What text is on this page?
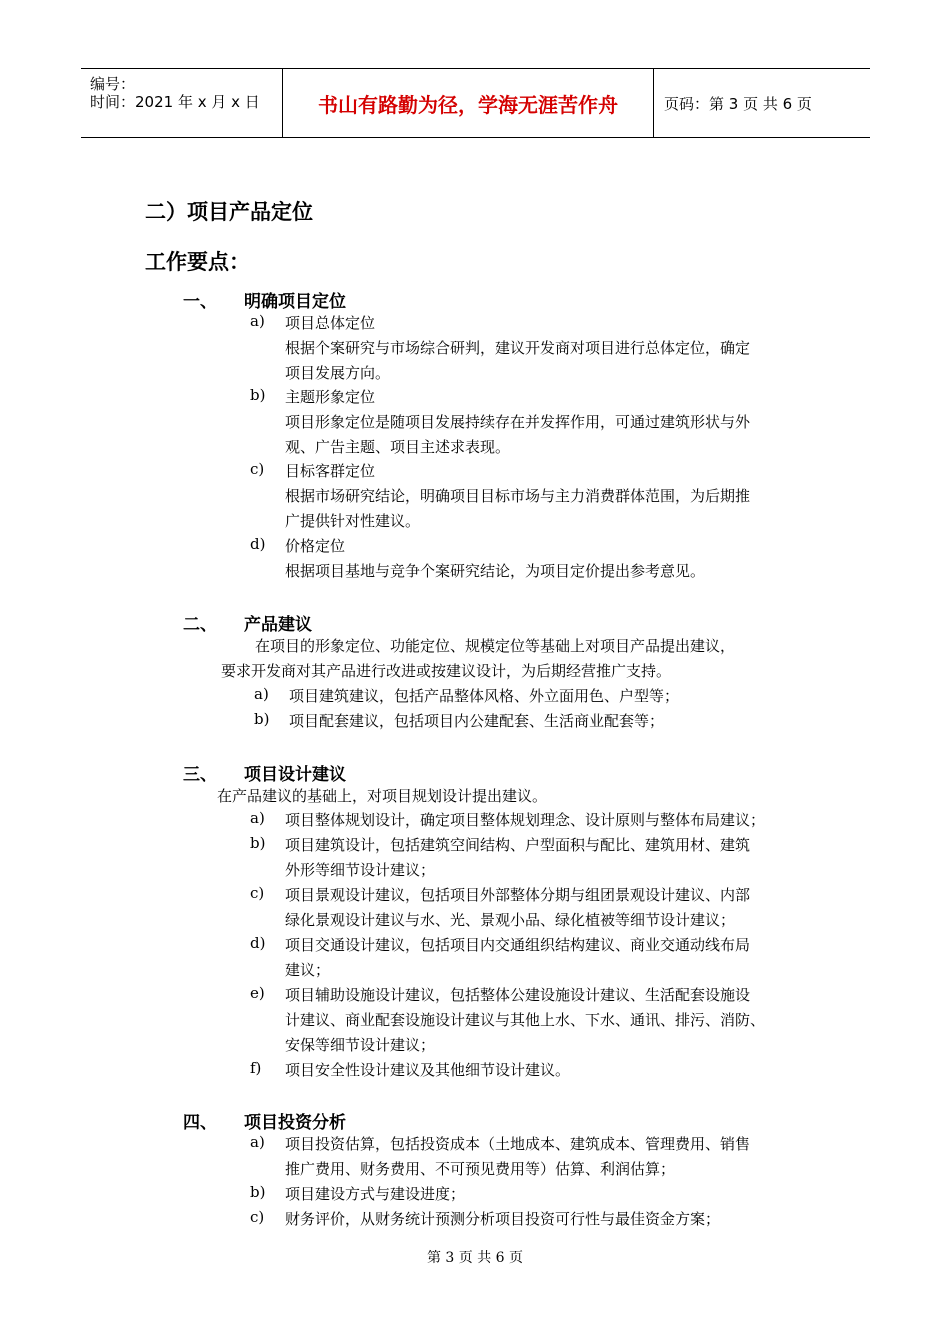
编号：
时间：2021 年 x 月 x 日	书山有路勤为径，学海无涯苦作舟	页码：第 3 页 共 6 页
二）项目产品定位
工作要点：
一、 明确项目定位
a) 项目总体定位
根据个案研究与市场综合研判，建议开发商对项目进行总体定位，确定
项目发展方向。
b) 主题形象定位
项目形象定位是随项目发展持续存在并发挥作用，可通过建筑形状与外
观、广告主题、项目主述求表现。
c) 目标客群定位
根据市场研究结论，明确项目目标市场与主力消费群体范围，为后期推
广提供针对性建议。
d) 价格定位
根据项目基地与竞争个案研究结论，为项目定价提出参考意见。
二、 产品建议
在项目的形象定位、功能定位、规模定位等基础上对项目产品提出建议，
要求开发商对其产品进行改进或按建议设计，为后期经营推广支持。
a) 项目建筑建议，包括产品整体风格、外立面用色、户型等；
b) 项目配套建议，包括项目内公建配套、生活商业配套等；
三、 项目设计建议
在产品建议的基础上，对项目规划设计提出建议。
a) 项目整体规划设计，确定项目整体规划理念、设计原则与整体布局建议；
b) 项目建筑设计，包括建筑空间结构、户型面积与配比、建筑用材、建筑
外形等细节设计建议；
c) 项目景观设计建议，包括项目外部整体分期与组团景观设计建议、内部
绿化景观设计建议与水、光、景观小品、绿化植被等细节设计建议；
d) 项目交通设计建议，包括项目内交通组织结构建议、商业交通动线布局
建议；
e) 项目辅助设施设计建议，包括整体公建设施设计建议、生活配套设施设
计建议、商业配套设施设计建议与其他上水、下水、通讯、排污、消防、
安保等细节设计建议；
f) 项目安全性设计建议及其他细节设计建议。
四、 项目投资分析
a) 项目投资估算，包括投资成本（土地成本、建筑成本、管理费用、销售
推广费用、财务费用、不可预见费用等）估算、利润估算；
b) 项目建设方式与建设进度；
c) 财务评价，从财务统计预测分析项目投资可行性与最佳资金方案；
第 3 页 共 6 页
